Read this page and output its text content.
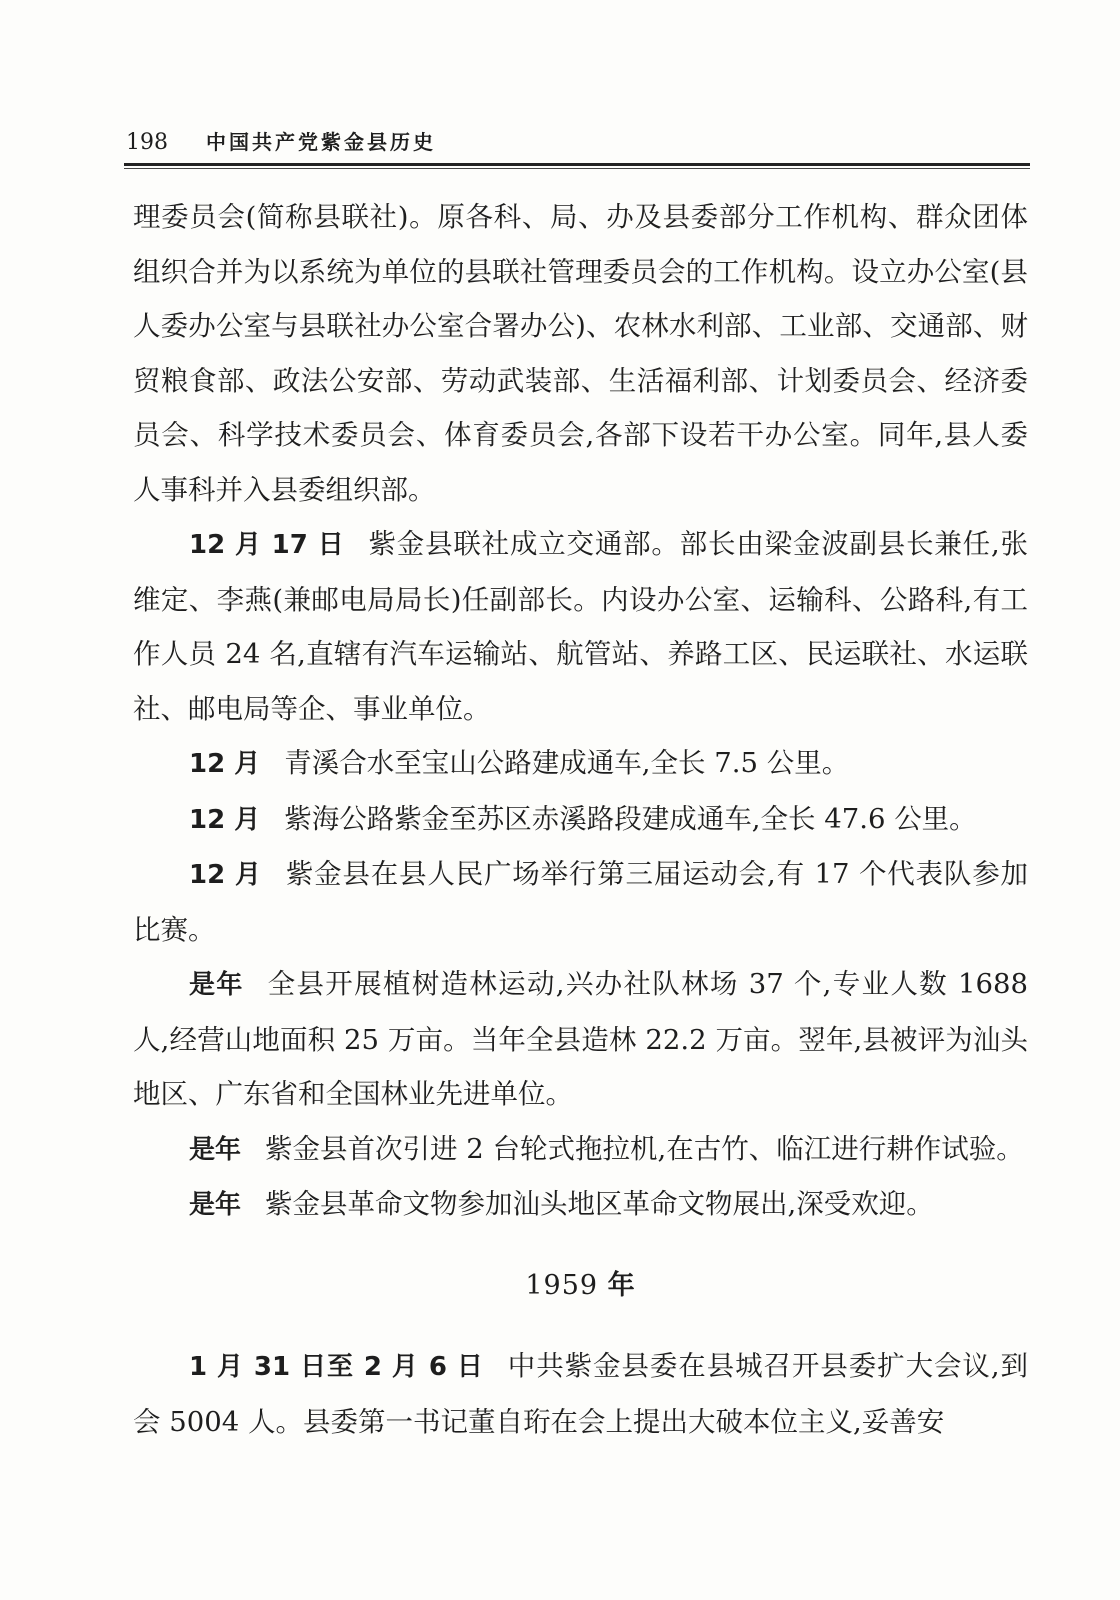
198 中国共产党紫金县历史

理委员会(简称县联社)。原各科、局、办及县委部分工作机构、群众团体组织合并为以系统为单位的县联社管理委员会的工作机构。设立办公室(县人委办公室与县联社办公室合署办公)、农林水利部、工业部、交通部、财贸粮食部、政法公安部、劳动武装部、生活福利部、计划委员会、经济委员会、科学技术委员会、体育委员会,各部下设若干办公室。同年,县人委人事科并入县委组织部。

12 月 17 日 紫金县联社成立交通部。部长由梁金波副县长兼任,张维定、李燕(兼邮电局局长)任副部长。内设办公室、运输科、公路科,有工作人员 24 名,直辖有汽车运输站、航管站、养路工区、民运联社、水运联社、邮电局等企、事业单位。

12 月 青溪合水至宝山公路建成通车,全长 7.5 公里。

12 月 紫海公路紫金至苏区赤溪路段建成通车,全长 47.6 公里。

12 月 紫金县在县人民广场举行第三届运动会,有 17 个代表队参加比赛。

是年 全县开展植树造林运动,兴办社队林场 37 个,专业人数 1688 人,经营山地面积 25 万亩。当年全县造林 22.2 万亩。翌年,县被评为汕头地区、广东省和全国林业先进单位。

是年 紫金县首次引进 2 台轮式拖拉机,在古竹、临江进行耕作试验。

是年 紫金县革命文物参加汕头地区革命文物展出,深受欢迎。

1959 年

1 月 31 日至 2 月 6 日 中共紫金县委在县城召开县委扩大会议,到会 5004 人。县委第一书记董自珩在会上提出大破本位主义,妥善安
